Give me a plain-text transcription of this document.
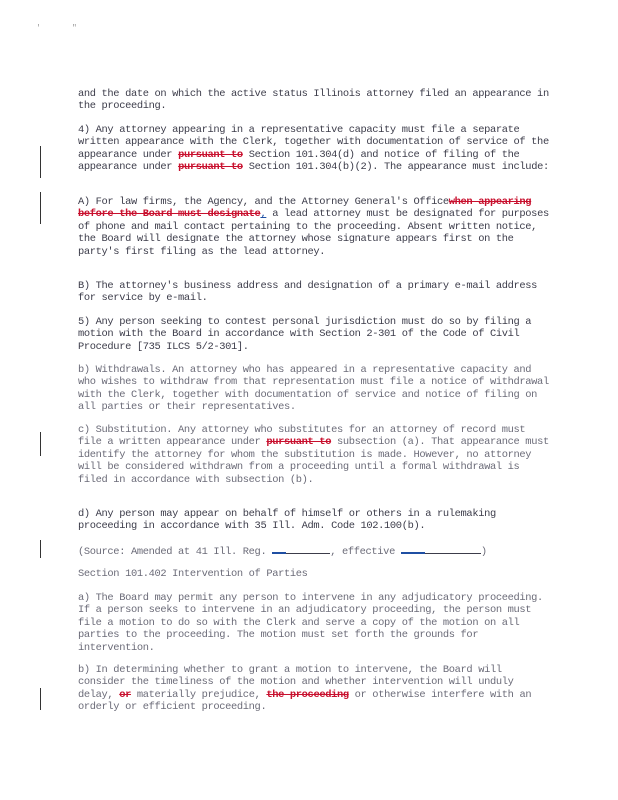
'	"

and the date on which the active status Illinois attorney filed an appearance in the proceeding.

4) Any attorney appearing in a representative capacity must file a separate written appearance with the Clerk, together with documentation of service of the appearance under pursuant to Section 101.304(d) and notice of filing of the appearance under pursuant to Section 101.304(b)(2). The appearance must include:

A) For law firms, the Agency, and the Attorney General's Officewhen appearing before the Board must designate, a lead attorney must be designated for purposes of phone and mail contact pertaining to the proceeding. Absent written notice, the Board will designate the attorney whose signature appears first on the party's first filing as the lead attorney.

B) The attorney's business address and designation of a primary e-mail address for service by e-mail.

5) Any person seeking to contest personal jurisdiction must do so by filing a motion with the Board in accordance with Section 2-301 of the Code of Civil Procedure [735 ILCS 5/2-301].

b) Withdrawals. An attorney who has appeared in a representative capacity and who wishes to withdraw from that representation must file a notice of withdrawal with the Clerk, together with documentation of service and notice of filing on all parties or their representatives.

c) Substitution. Any attorney who substitutes for an attorney of record must file a written appearance under pursuant to subsection (a). That appearance must identify the attorney for whom the substitution is made. However, no attorney will be considered withdrawn from a proceeding until a formal withdrawal is filed in accordance with subsection (b).

d) Any person may appear on behalf of himself or others in a rulemaking proceeding in accordance with 35 Ill. Adm. Code 102.100(b).

(Source: Amended at 41 Ill. Reg.	, effective	)

Section 101.402 Intervention of Parties

a) The Board may permit any person to intervene in any adjudicatory proceeding. If a person seeks to intervene in an adjudicatory proceeding, the person must file a motion to do so with the Clerk and serve a copy of the motion on all parties to the proceeding. The motion must set forth the grounds for intervention.

b) In determining whether to grant a motion to intervene, the Board will consider the timeliness of the motion and whether intervention will unduly delay, or materially prejudice, the proceeding or otherwise interfere with an orderly or efficient proceeding.
